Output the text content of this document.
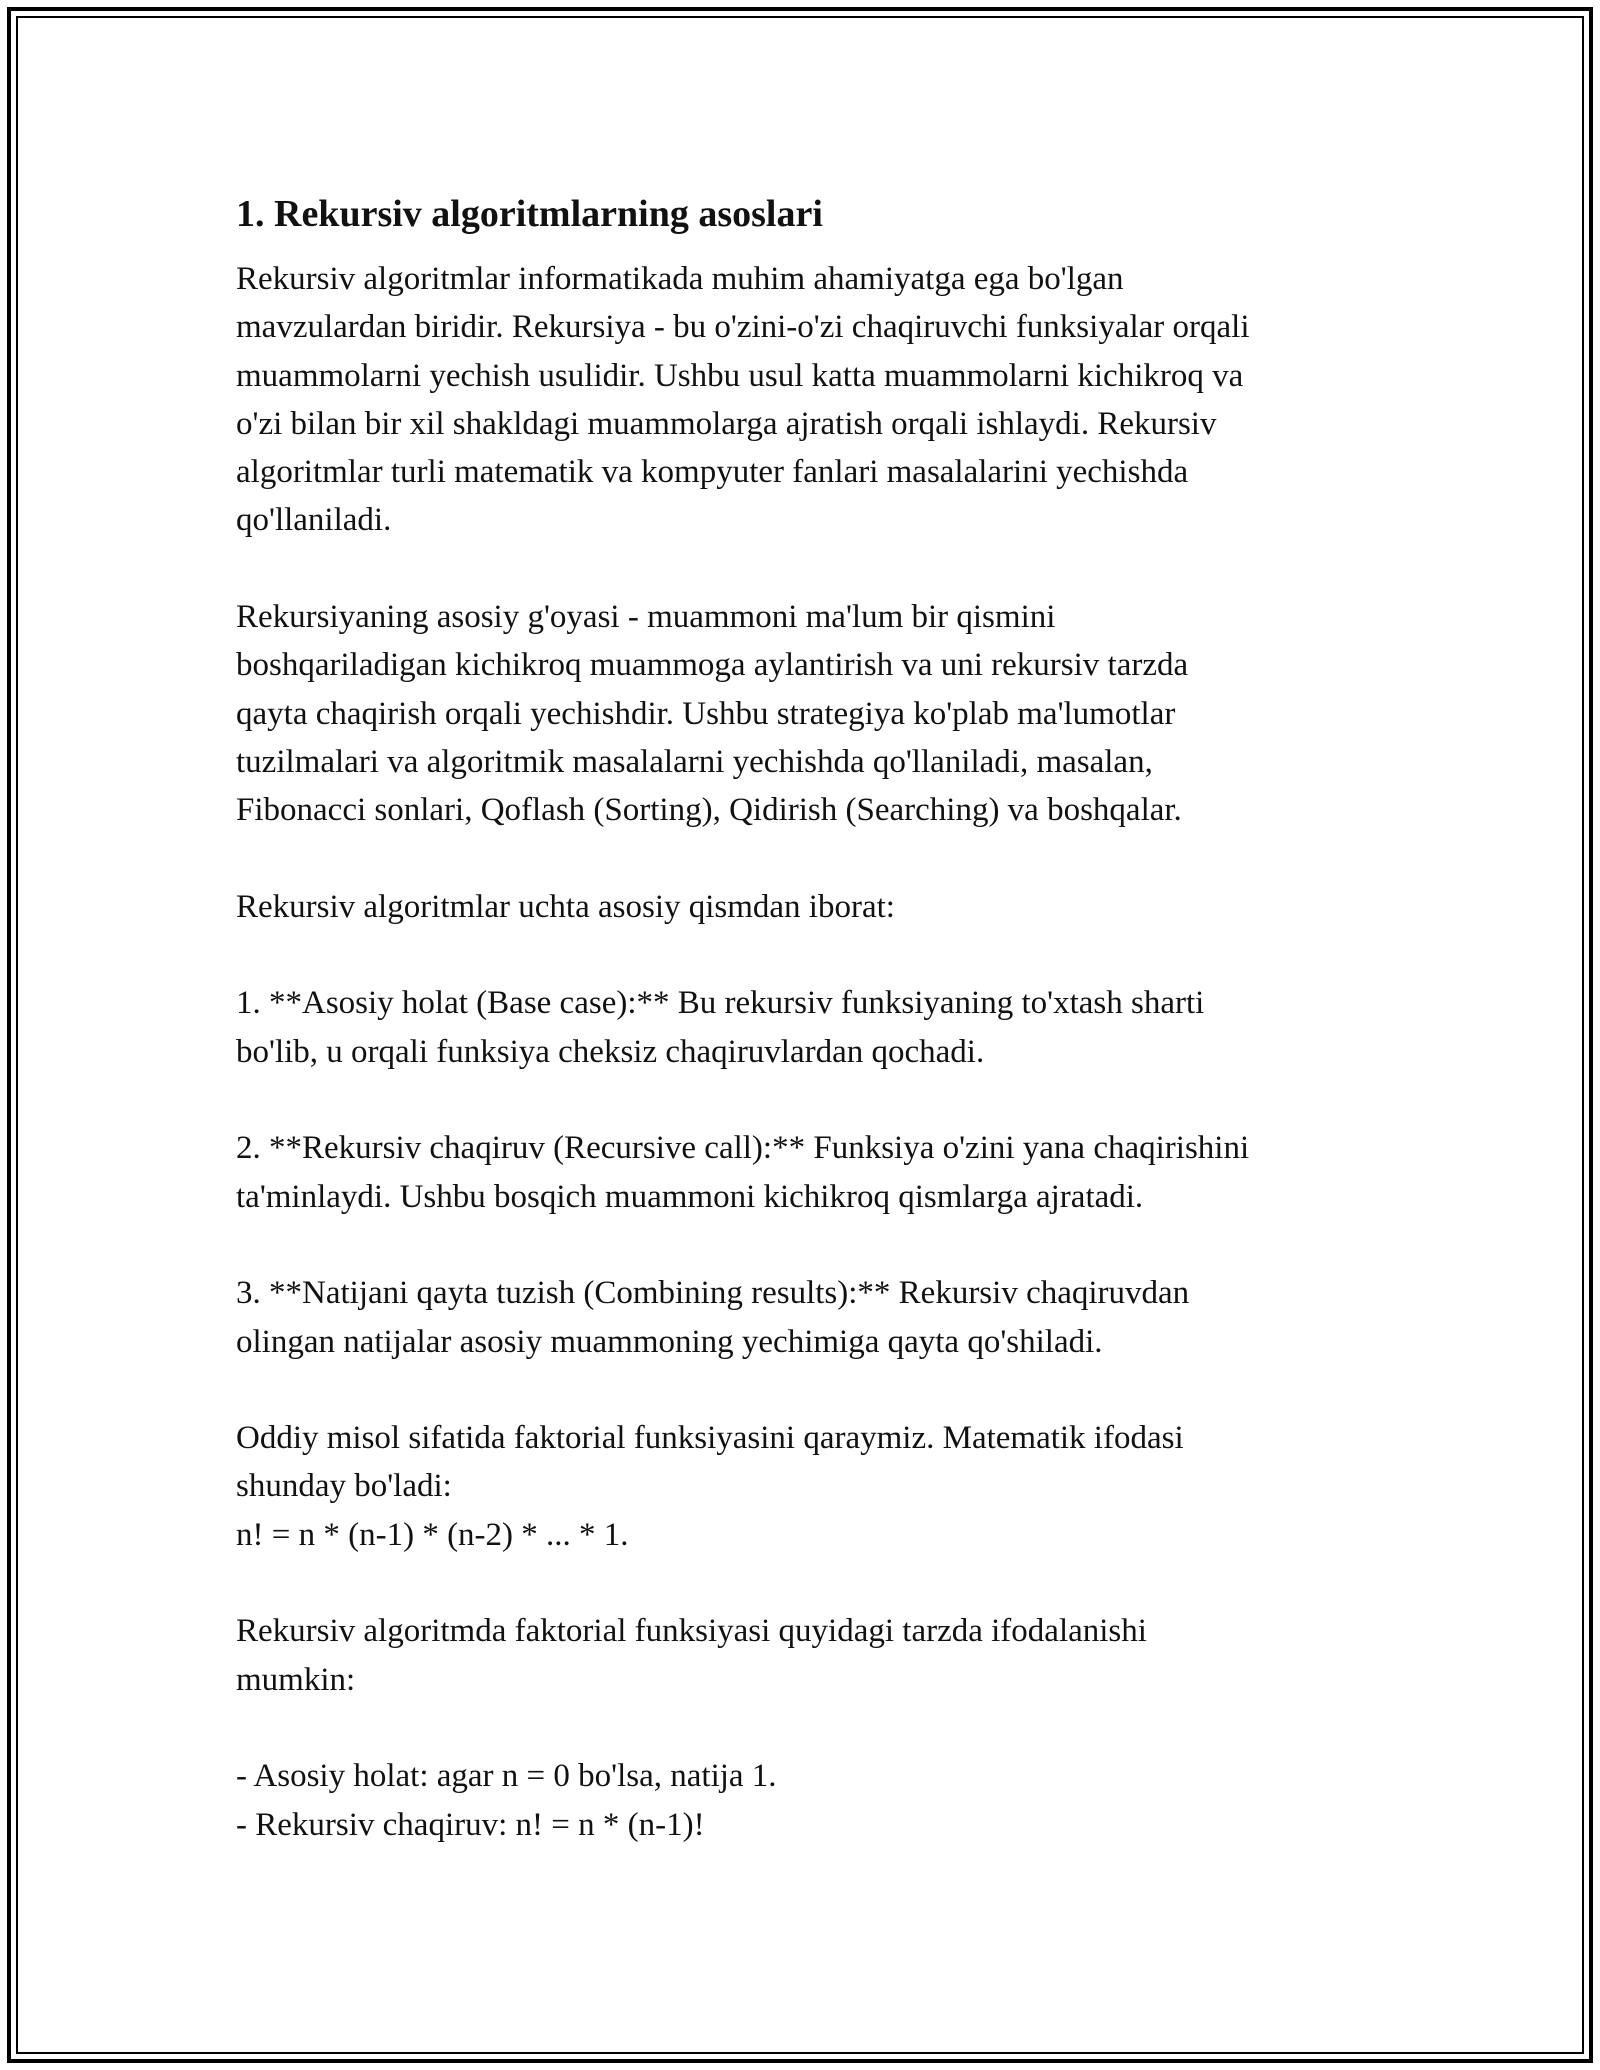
1. Rekursiv algoritmlarning asoslari
Rekursiv algoritmlar informatikada muhim ahamiyatga ega bo'lgan
mavzulardan biridir. Rekursiya - bu o'zini-o'zi chaqiruvchi funksiyalar orqali
muammolarni yechish usulidir. Ushbu usul katta muammolarni kichikroq va
o'zi bilan bir xil shakldagi muammolarga ajratish orqali ishlaydi. Rekursiv
algoritmlar turli matematik va kompyuter fanlari masalalarini yechishda
qo'llaniladi.

Rekursiyaning asosiy g'oyasi - muammoni ma'lum bir qismini
boshqariladigan kichikroq muammoga aylantirish va uni rekursiv tarzda
qayta chaqirish orqali yechishdir. Ushbu strategiya ko'plab ma'lumotlar
tuzilmalari va algoritmik masalalarni yechishda qo'llaniladi, masalan,
Fibonacci sonlari, Qoflash (Sorting), Qidirish (Searching) va boshqalar.

Rekursiv algoritmlar uchta asosiy qismdan iborat:

1. **Asosiy holat (Base case):** Bu rekursiv funksiyaning to'xtash sharti
bo'lib, u orqali funksiya cheksiz chaqiruvlardan qochadi.

2. **Rekursiv chaqiruv (Recursive call):** Funksiya o'zini yana chaqirishini
ta'minlaydi. Ushbu bosqich muammoni kichikroq qismlarga ajratadi.

3. **Natijani qayta tuzish (Combining results):** Rekursiv chaqiruvdan
olingan natijalar asosiy muammoning yechimiga qayta qo'shiladi.

Oddiy misol sifatida faktorial funksiyasini qaraymiz. Matematik ifodasi
shunday bo'ladi:
n! = n * (n-1) * (n-2) * ... * 1.

Rekursiv algoritmda faktorial funksiyasi quyidagi tarzda ifodalanishi
mumkin:

- Asosiy holat: agar n = 0 bo'lsa, natija 1.
- Rekursiv chaqiruv: n! = n * (n-1)!
